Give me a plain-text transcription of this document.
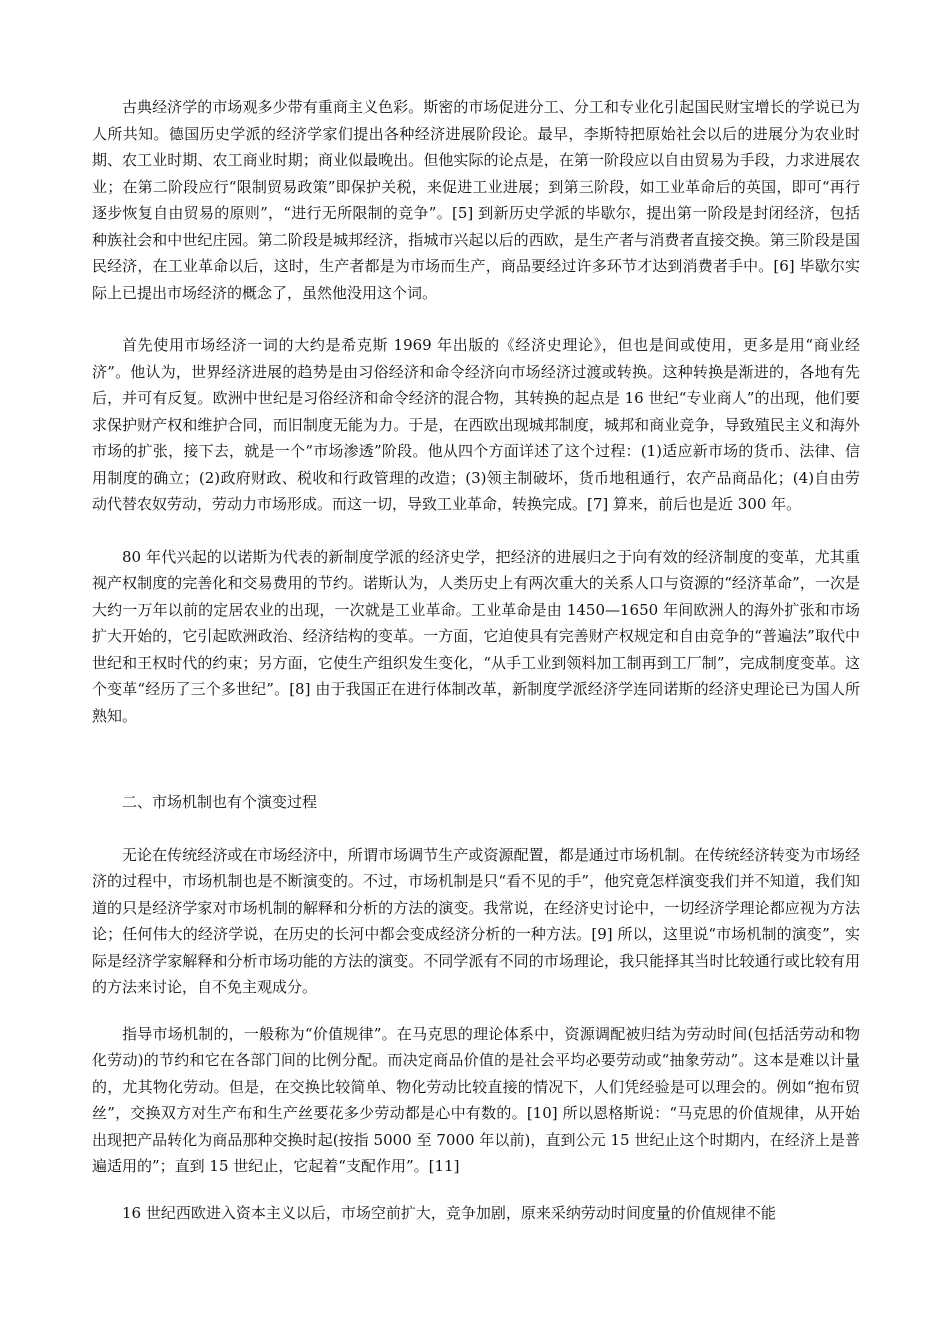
古典经济学的市场观多少带有重商主义色彩。斯密的市场促进分工、分工和专业化引起国民财宝增长的学说已为人所共知。德国历史学派的经济学家们提出各种经济进展阶段论。最早，李斯特把原始社会以后的进展分为农业时期、农工业时期、农工商业时期；商业似最晚出。但他实际的论点是，在第一阶段应以自由贸易为手段，力求进展农业；在第二阶段应行“限制贸易政策”即保护关税，来促进工业进展；到第三阶段，如工业革命后的英国，即可“再行逐步恢复自由贸易的原则”，“进行无所限制的竞争”。[5] 到新历史学派的毕歇尔，提出第一阶段是封闭经济，包括种族社会和中世纪庄园。第二阶段是城邦经济，指城市兴起以后的西欧，是生产者与消费者直接交换。第三阶段是国民经济，在工业革命以后，这时，生产者都是为市场而生产，商品要经过许多环节才达到消费者手中。[6] 毕歇尔实际上已提出市场经济的概念了，虽然他没用这个词。

首先使用市场经济一词的大约是希克斯 1969 年出版的《经济史理论》，但也是间或使用，更多是用“商业经济”。他认为，世界经济进展的趋势是由习俗经济和命令经济向市场经济过渡或转换。这种转换是渐进的，各地有先后，并可有反复。欧洲中世纪是习俗经济和命令经济的混合物，其转换的起点是 16 世纪“专业商人”的出现，他们要求保护财产权和维护合同，而旧制度无能为力。于是，在西欧出现城邦制度，城邦和商业竞争，导致殖民主义和海外市场的扩张，接下去，就是一个“市场渗透”阶段。他从四个方面详述了这个过程：(1)适应新市场的货币、法律、信用制度的确立；(2)政府财政、税收和行政管理的改造；(3)领主制破坏，货币地租通行，农产品商品化；(4)自由劳动代替农奴劳动，劳动力市场形成。而这一切，导致工业革命，转换完成。[7] 算来，前后也是近 300 年。

80 年代兴起的以诺斯为代表的新制度学派的经济史学，把经济的进展归之于向有效的经济制度的变革，尤其重视产权制度的完善化和交易费用的节约。诺斯认为，人类历史上有两次重大的关系人口与资源的“经济革命”，一次是大约一万年以前的定居农业的出现，一次就是工业革命。工业革命是由 1450—1650 年间欧洲人的海外扩张和市场扩大开始的，它引起欧洲政治、经济结构的变革。一方面，它迫使具有完善财产权规定和自由竞争的“普遍法”取代中世纪和王权时代的约束；另方面，它使生产组织发生变化，“从手工业到领料加工制再到工厂制”，完成制度变革。这个变革“经历了三个多世纪”。[8] 由于我国正在进行体制改革，新制度学派经济学连同诺斯的经济史理论已为国人所熟知。

二、市场机制也有个演变过程

无论在传统经济或在市场经济中，所谓市场调节生产或资源配置，都是通过市场机制。在传统经济转变为市场经济的过程中，市场机制也是不断演变的。不过，市场机制是只“看不见的手”，他究竟怎样演变我们并不知道，我们知道的只是经济学家对市场机制的解释和分析的方法的演变。我常说，在经济史讨论中，一切经济学理论都应视为方法论；任何伟大的经济学说，在历史的长河中都会变成经济分析的一种方法。[9] 所以，这里说“市场机制的演变”，实际是经济学家解释和分析市场功能的方法的演变。不同学派有不同的市场理论，我只能择其当时比较通行或比较有用的方法来讨论，自不免主观成分。

指导市场机制的，一般称为“价值规律”。在马克思的理论体系中，资源调配被归结为劳动时间(包括活劳动和物化劳动)的节约和它在各部门间的比例分配。而决定商品价值的是社会平均必要劳动或“抽象劳动”。这本是难以计量的，尤其物化劳动。但是，在交换比较简单、物化劳动比较直接的情况下，人们凭经验是可以理会的。例如“抱布贸丝”，交换双方对生产布和生产丝要花多少劳动都是心中有数的。[10] 所以恩格斯说：“马克思的价值规律，从开始出现把产品转化为商品那种交换时起(按指 5000 至 7000 年以前)，直到公元 15 世纪止这个时期内，在经济上是普遍适用的”；直到 15 世纪止，它起着“支配作用”。[11]

16 世纪西欧进入资本主义以后，市场空前扩大，竞争加剧，原来采纳劳动时间度量的价值规律不能
